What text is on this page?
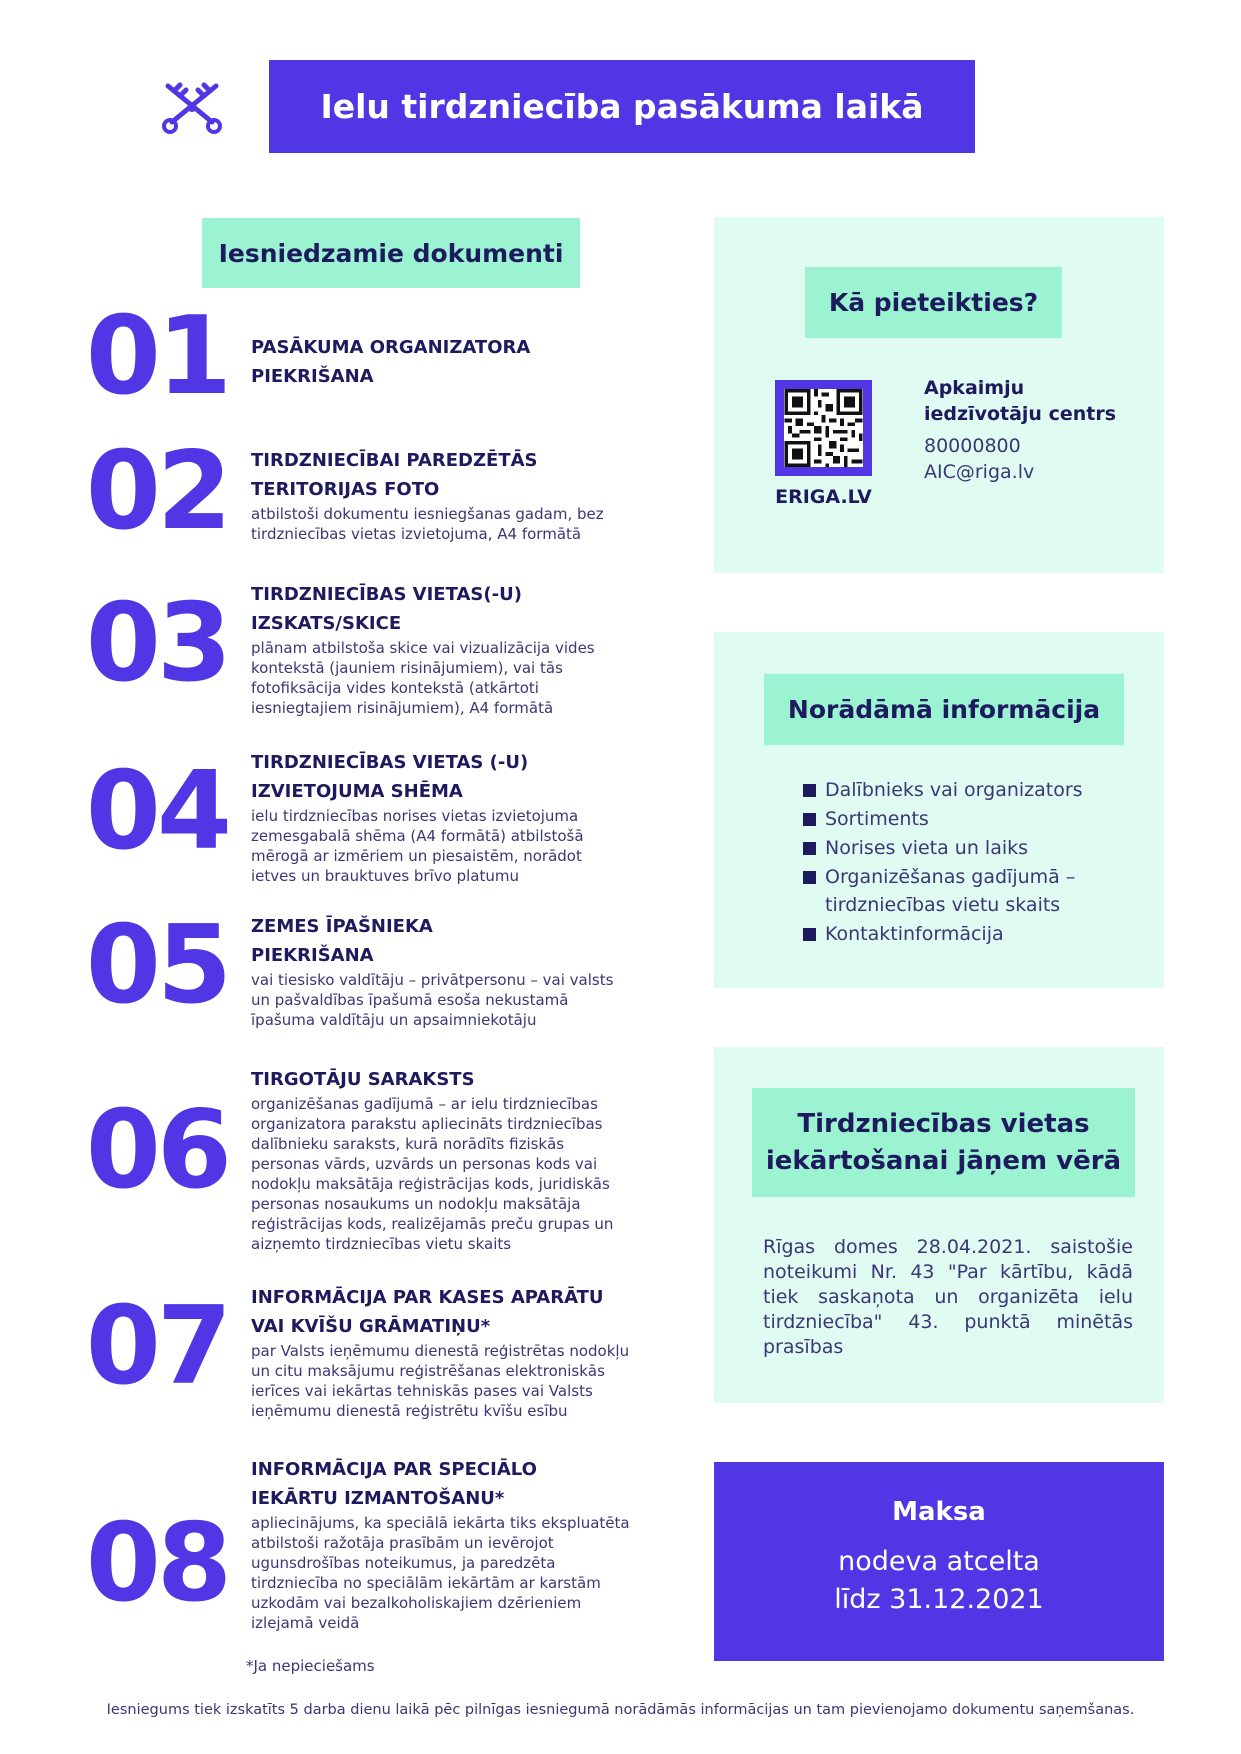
Ielu tirdzniecība pasākuma laikā
Iesniedzamie dokumenti
01 PASĀKUMA ORGANIZATORA
PIEKRIŠANA
02 TIRDZNIECĪBAI PAREDZĒTĀS
TERITORIJAS FOTO
atbilstoši dokumentu iesniegšanas gadam, bez
tirdzniecības vietas izvietojuma, A4 formātā
03 TIRDZNIECĪBAS VIETAS(-U)
IZSKATS/SKICE
plānam atbilstoša skice vai vizualizācija vides
kontekstā (jauniem risinājumiem), vai tās
fotofiksācija vides kontekstā (atkārtoti
iesniegtajiem risinājumiem), A4 formātā
04 TIRDZNIECĪBAS VIETAS (-U)
IZVIETOJUMA SHĒMA
ielu tirdzniecības norises vietas izvietojuma
zemesgabalā shēma (A4 formātā) atbilstošā
mērogā ar izmēriem un piesaistēm, norādot
ietves un brauktuves brīvo platumu
05 ZEMES ĪPAŠNIEKA
PIEKRIŠANA
vai tiesisko valdītāju – privātpersonu – vai valsts
un pašvaldības īpašumā esoša nekustamā
īpašuma valdītāju un apsaimniekotāju
06
TIRGOTĀJU SARAKSTS
organizēšanas gadījumā – ar ielu tirdzniecības
organizatora parakstu apliecināts tirdzniecības
dalībnieku saraksts, kurā norādīts fiziskās
personas vārds, uzvārds un personas kods vai
nodokļu maksātāja reģistrācijas kods, juridiskās
personas nosaukums un nodokļu maksātāja
reģistrācijas kods, realizējamās preču grupas un
aizņemto tirdzniecības vietu skaits
07 INFORMĀCIJA PAR KASES APARĀTU
VAI KVĪŠU GRĀMATIŅU*
par Valsts ieņēmumu dienestā reģistrētas nodokļu
un citu maksājumu reģistrēšanas elektroniskās
ierīces vai iekārtas tehniskās pases vai Valsts
ieņēmumu dienestā reģistrētu kvīšu esību
08
INFORMĀCIJA PAR SPECIĀLO
IEKĀRTU IZMANTOŠANU*
apliecinājums, ka speciālā iekārta tiks ekspluatēta
atbilstoši ražotāja prasībām un ievērojot
ugunsdrošības noteikumus, ja paredzēta
tirdzniecība no speciālām iekārtām ar karstām
uzkodām vai bezalkoholiskajiem dzērieniem
izlejamā veidā
*Ja nepieciešams
Kā pieteikties?
ERIGA.LV
Apkaimju iedzīvotāju centrs
80000800
AIC@riga.lv
Norādāmā informācija
Dalībnieks vai organizators
Sortiments
Norises vieta un laiks
Organizēšanas gadījumā – tirdzniecības vietu skaits
Kontaktinformācija
Tirdzniecības vietas
iekārtošanai jāņem vērā
Rīgas domes 28.04.2021. saistošie noteikumi Nr. 43 "Par kārtību, kādā tiek saskaņota un organizēta ielu tirdzniecība" 43. punktā minētās prasības
Maksa
nodeva atcelta
līdz 31.12.2021
Iesniegums tiek izskatīts 5 darba dienu laikā pēc pilnīgas iesniegumā norādāmās informācijas un tam pievienojamo dokumentu saņemšanas.
